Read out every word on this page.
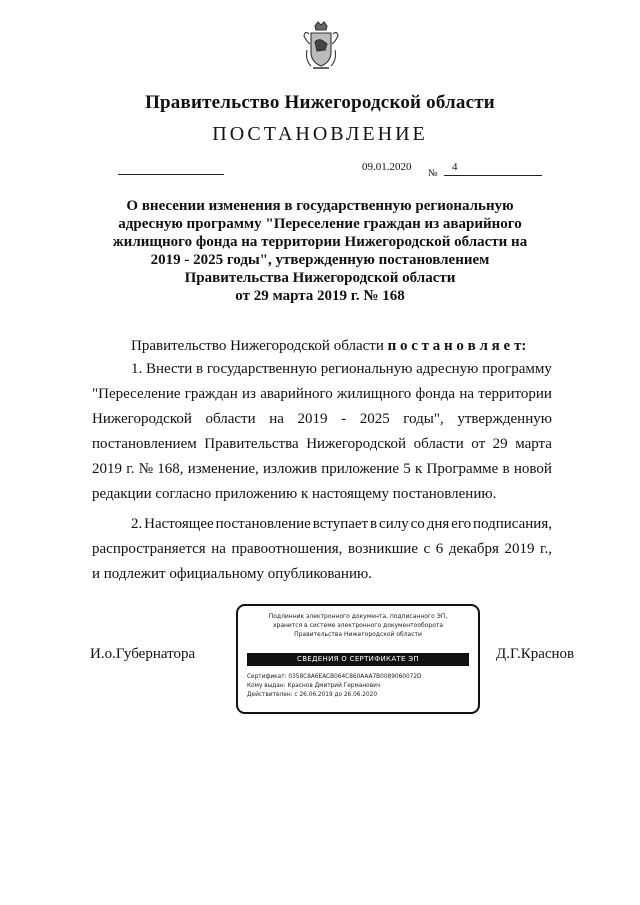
Правительство Нижегородской области
ПОСТАНОВЛЕНИЕ
09.01.2020
№
4
О внесении изменения в государственную региональную
адресную программу "Переселение граждан из аварийного
жилищного фонда на территории Нижегородской области на
2019 - 2025 годы", утвержденную постановлением
Правительства Нижегородской области
от 29 марта 2019 г. № 168
Правительство Нижегородской области п о с т а н о в л я е т:
1. Внести в государственную региональную адресную программу
"Переселение граждан из аварийного жилищного фонда на территории
Нижегородской области на 2019 - 2025 годы", утвержденную
постановлением Правительства Нижегородской области от 29 марта
2019 г. № 168, изменение, изложив приложение 5 к Программе в новой
редакции согласно приложению к настоящему постановлению.
2. Настоящее постановление вступает в силу со дня его подписания,
распространяется на правоотношения, возникшие с 6 декабря 2019 г.,
и подлежит официальному опубликованию.
И.о.Губернатора
Подлинник электронного документа, подписанного ЭП,
хранится в системе электронного документооборота
Правительства Нижегородской области
СВЕДЕНИЯ О СЕРТИФИКАТЕ ЭП
Сертификат: 0358C8A6EACB064C860AAA7B0089060072D
Кому выдан: Краснов Дмитрий Германович
Действителен: с 26.06.2019 до 26.06.2020
Д.Г.Краснов
